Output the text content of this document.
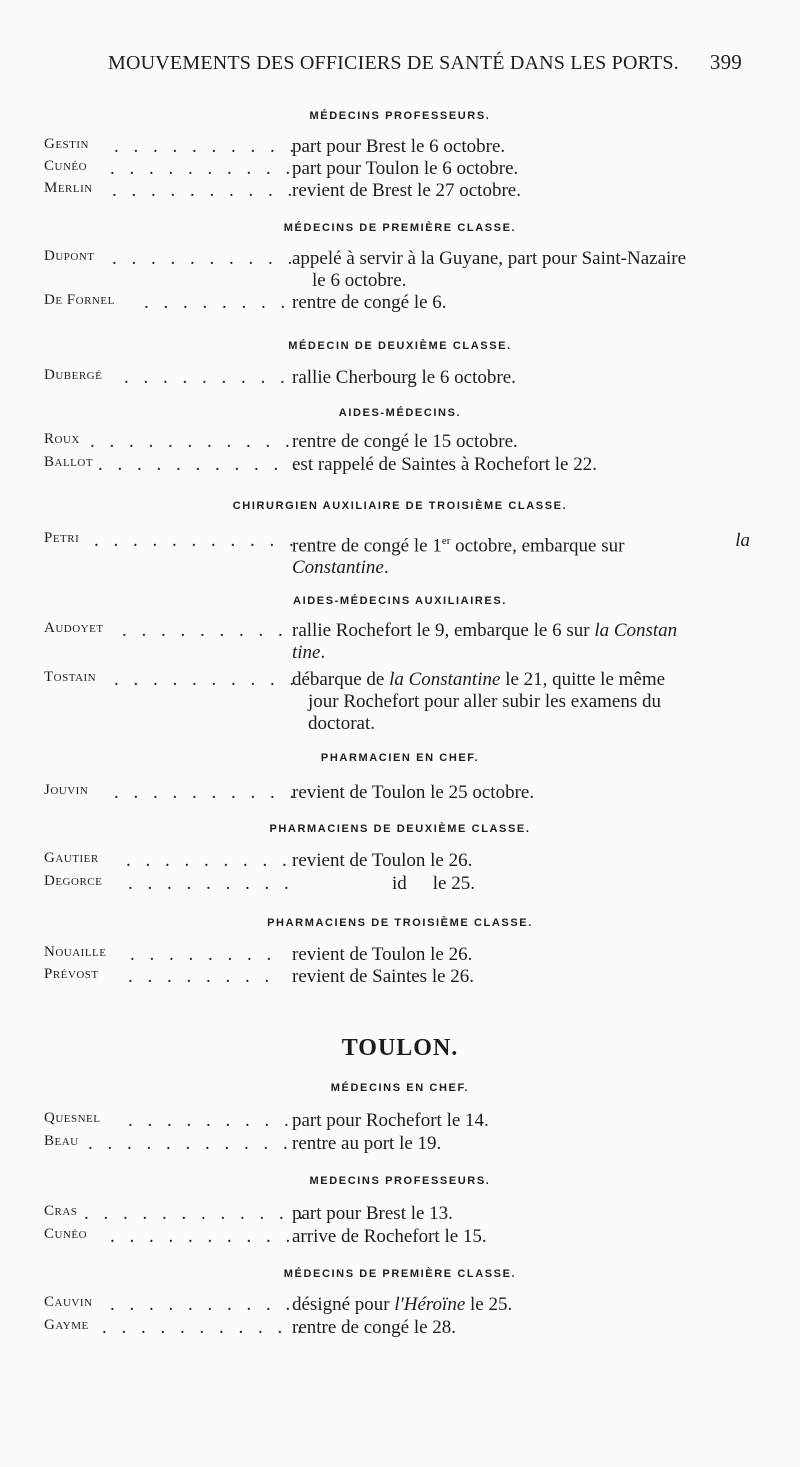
MOUVEMENTS DES OFFICIERS DE SANTÉ DANS LES PORTS. 399
MÉDECINS PROFESSEURS.
Gestin . . . . . . . . . .
part pour Brest le 6 octobre.
Cunéo . . . . . . . . . .
part pour Toulon le 6 octobre.
Merlin . . . . . . . . . .
revient de Brest le 27 octobre.
MÉDECINS DE PREMIÈRE CLASSE.
Dupont . . . . . . . . . .
appelé à servir à la Guyane, part pour Saint-Nazaire
le 6 octobre.
De Fornel . . . . . . . . rentre de congé le 6.
MÉDECIN DE DEUXIÈME CLASSE.
Dubergé . . . . . . . . . rallie Cherbourg le 6 octobre.
AIDES-MÉDECINS.
Roux . . . . . . . . . . .
rentre de congé le 15 octobre.
Ballot . . . . . . . . . . .
est rappelé de Saintes à Rochefort le 22.
CHIRURGIEN AUXILIAIRE DE TROISIÈME CLASSE.
Petri . . . . . . . . . . .
rentre de congé le 1er octobre, embarque sur	la
Constantine.
AIDES-MÉDECINS AUXILIAIRES.
Audoyet . . . . . . . . . rallie Rochefort le 9, embarque le 6 sur la Constan
tine.
Tostain . . . . . . . . . .
débarque de la Constantine le 21, quitte le même
jour Rochefort pour aller subir les examens du
doctorat.
PHARMACIEN EN CHEF.
Jouvin . . . . . . . . . .
revient de Toulon le 25 octobre.
PHARMACIENS DE DEUXIÈME CLASSE.
Gautier . . . . . . . . . revient de Toulon le 26.
Degorce . . . . . . . . .	id le 25.
PHARMACIENS DE TROISIÈME CLASSE.
Nouaille . . . . . . . . revient de Toulon le 26.
Prévost . . . . . . . . revient de Saintes le 26.
TOULON.
MÉDECINS EN CHEF.
Quesnel . . . . . . . . .
part pour Rochefort le 14.
Beau . . . . . . . . . . . rentre au port le 19.
MEDECINS PROFESSEURS.
Cras . . . . . . . . . . . .
part pour Brest le 13.
Cunéo . . . . . . . . . .
arrive de Rochefort le 15.
MÉDECINS DE PREMIÈRE CLASSE.
Cauvin . . . . . . . . . .
désigné pour l'Héroïne le 25.
Gayme . . . . . . . . . . .
rentre de congé le 28.
